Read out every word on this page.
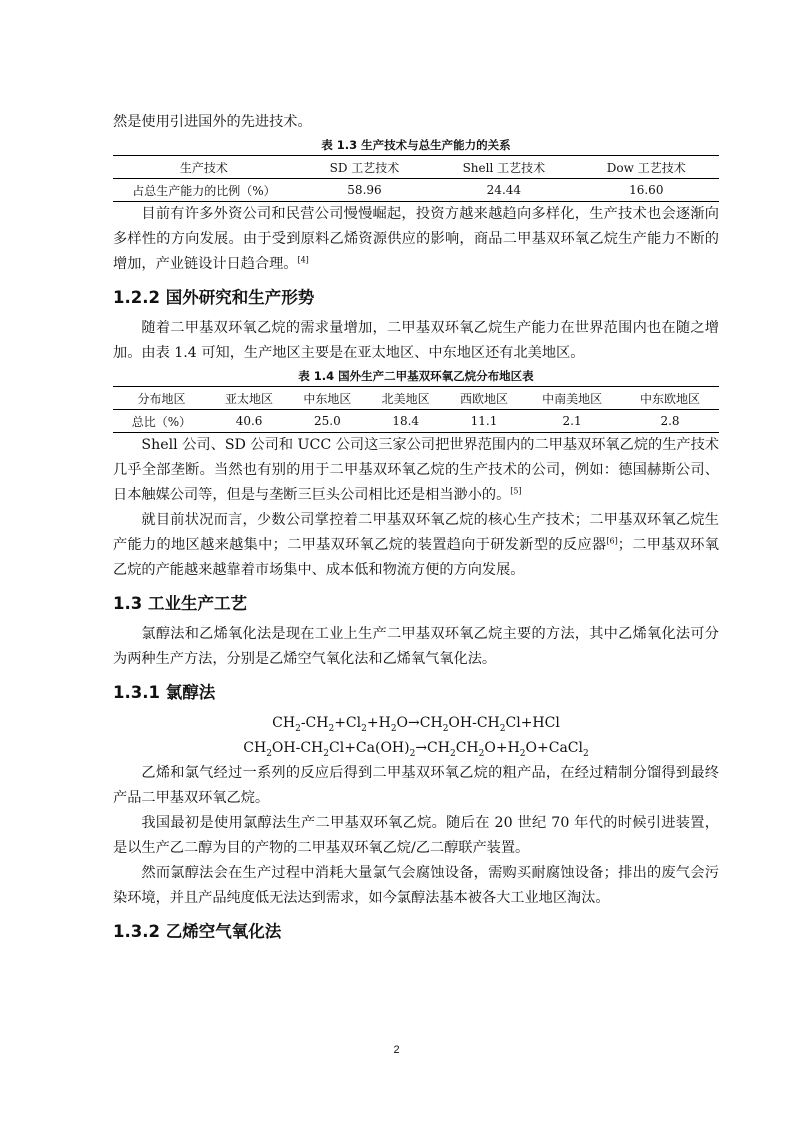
然是使用引进国外的先进技术。

表 1.3 生产技术与总生产能力的关系
生产技术	SD 工艺技术	Shell 工艺技术	Dow 工艺技术
占总生产能力的比例（%）	58.96	24.44	16.60

目前有许多外资公司和民营公司慢慢崛起，投资方越来越趋向多样化，生产技术也会逐渐向多样性的方向发展。由于受到原料乙烯资源供应的影响，商品二甲基双环氧乙烷生产能力不断的增加，产业链设计日趋合理。[4]

1.2.2 国外研究和生产形势

随着二甲基双环氧乙烷的需求量增加，二甲基双环氧乙烷生产能力在世界范围内也在随之增加。由表 1.4 可知，生产地区主要是在亚太地区、中东地区还有北美地区。

表 1.4 国外生产二甲基双环氧乙烷分布地区表
分布地区	亚太地区	中东地区	北美地区	西欧地区	中南美地区	中东欧地区
总比（%）	40.6	25.0	18.4	11.1	2.1	2.8

Shell 公司、SD 公司和 UCC 公司这三家公司把世界范围内的二甲基双环氧乙烷的生产技术几乎全部垄断。当然也有别的用于二甲基双环氧乙烷的生产技术的公司，例如：德国赫斯公司、日本触媒公司等，但是与垄断三巨头公司相比还是相当渺小的。[5]

就目前状况而言，少数公司掌控着二甲基双环氧乙烷的核心生产技术；二甲基双环氧乙烷生产能力的地区越来越集中；二甲基双环氧乙烷的装置趋向于研发新型的反应器[6]；二甲基双环氧乙烷的产能越来越靠着市场集中、成本低和物流方便的方向发展。

1.3 工业生产工艺

氯醇法和乙烯氧化法是现在工业上生产二甲基双环氧乙烷主要的方法，其中乙烯氧化法可分为两种生产方法，分别是乙烯空气氧化法和乙烯氧气氧化法。

1.3.1 氯醇法
$CH_2-CH_2+Cl_2+H_2O\to CH_2OH-CH_2Cl+HCl$
$CH_2OH-CH_2Cl+Ca(OH)_2\to CH_2CH_2O+H_2O+CaCl_2$

乙烯和氯气经过一系列的反应后得到二甲基双环氧乙烷的粗产品，在经过精制分馏得到最终产品二甲基双环氧乙烷。

我国最初是使用氯醇法生产二甲基双环氧乙烷。随后在 20 世纪 70 年代的时候引进装置，是以生产乙二醇为目的产物的二甲基双环氧乙烷/乙二醇联产装置。

然而氯醇法会在生产过程中消耗大量氯气会腐蚀设备，需购买耐腐蚀设备；排出的废气会污染环境，并且产品纯度低无法达到需求，如今氯醇法基本被各大工业地区淘汰。

1.3.2 乙烯空气氧化法
2
